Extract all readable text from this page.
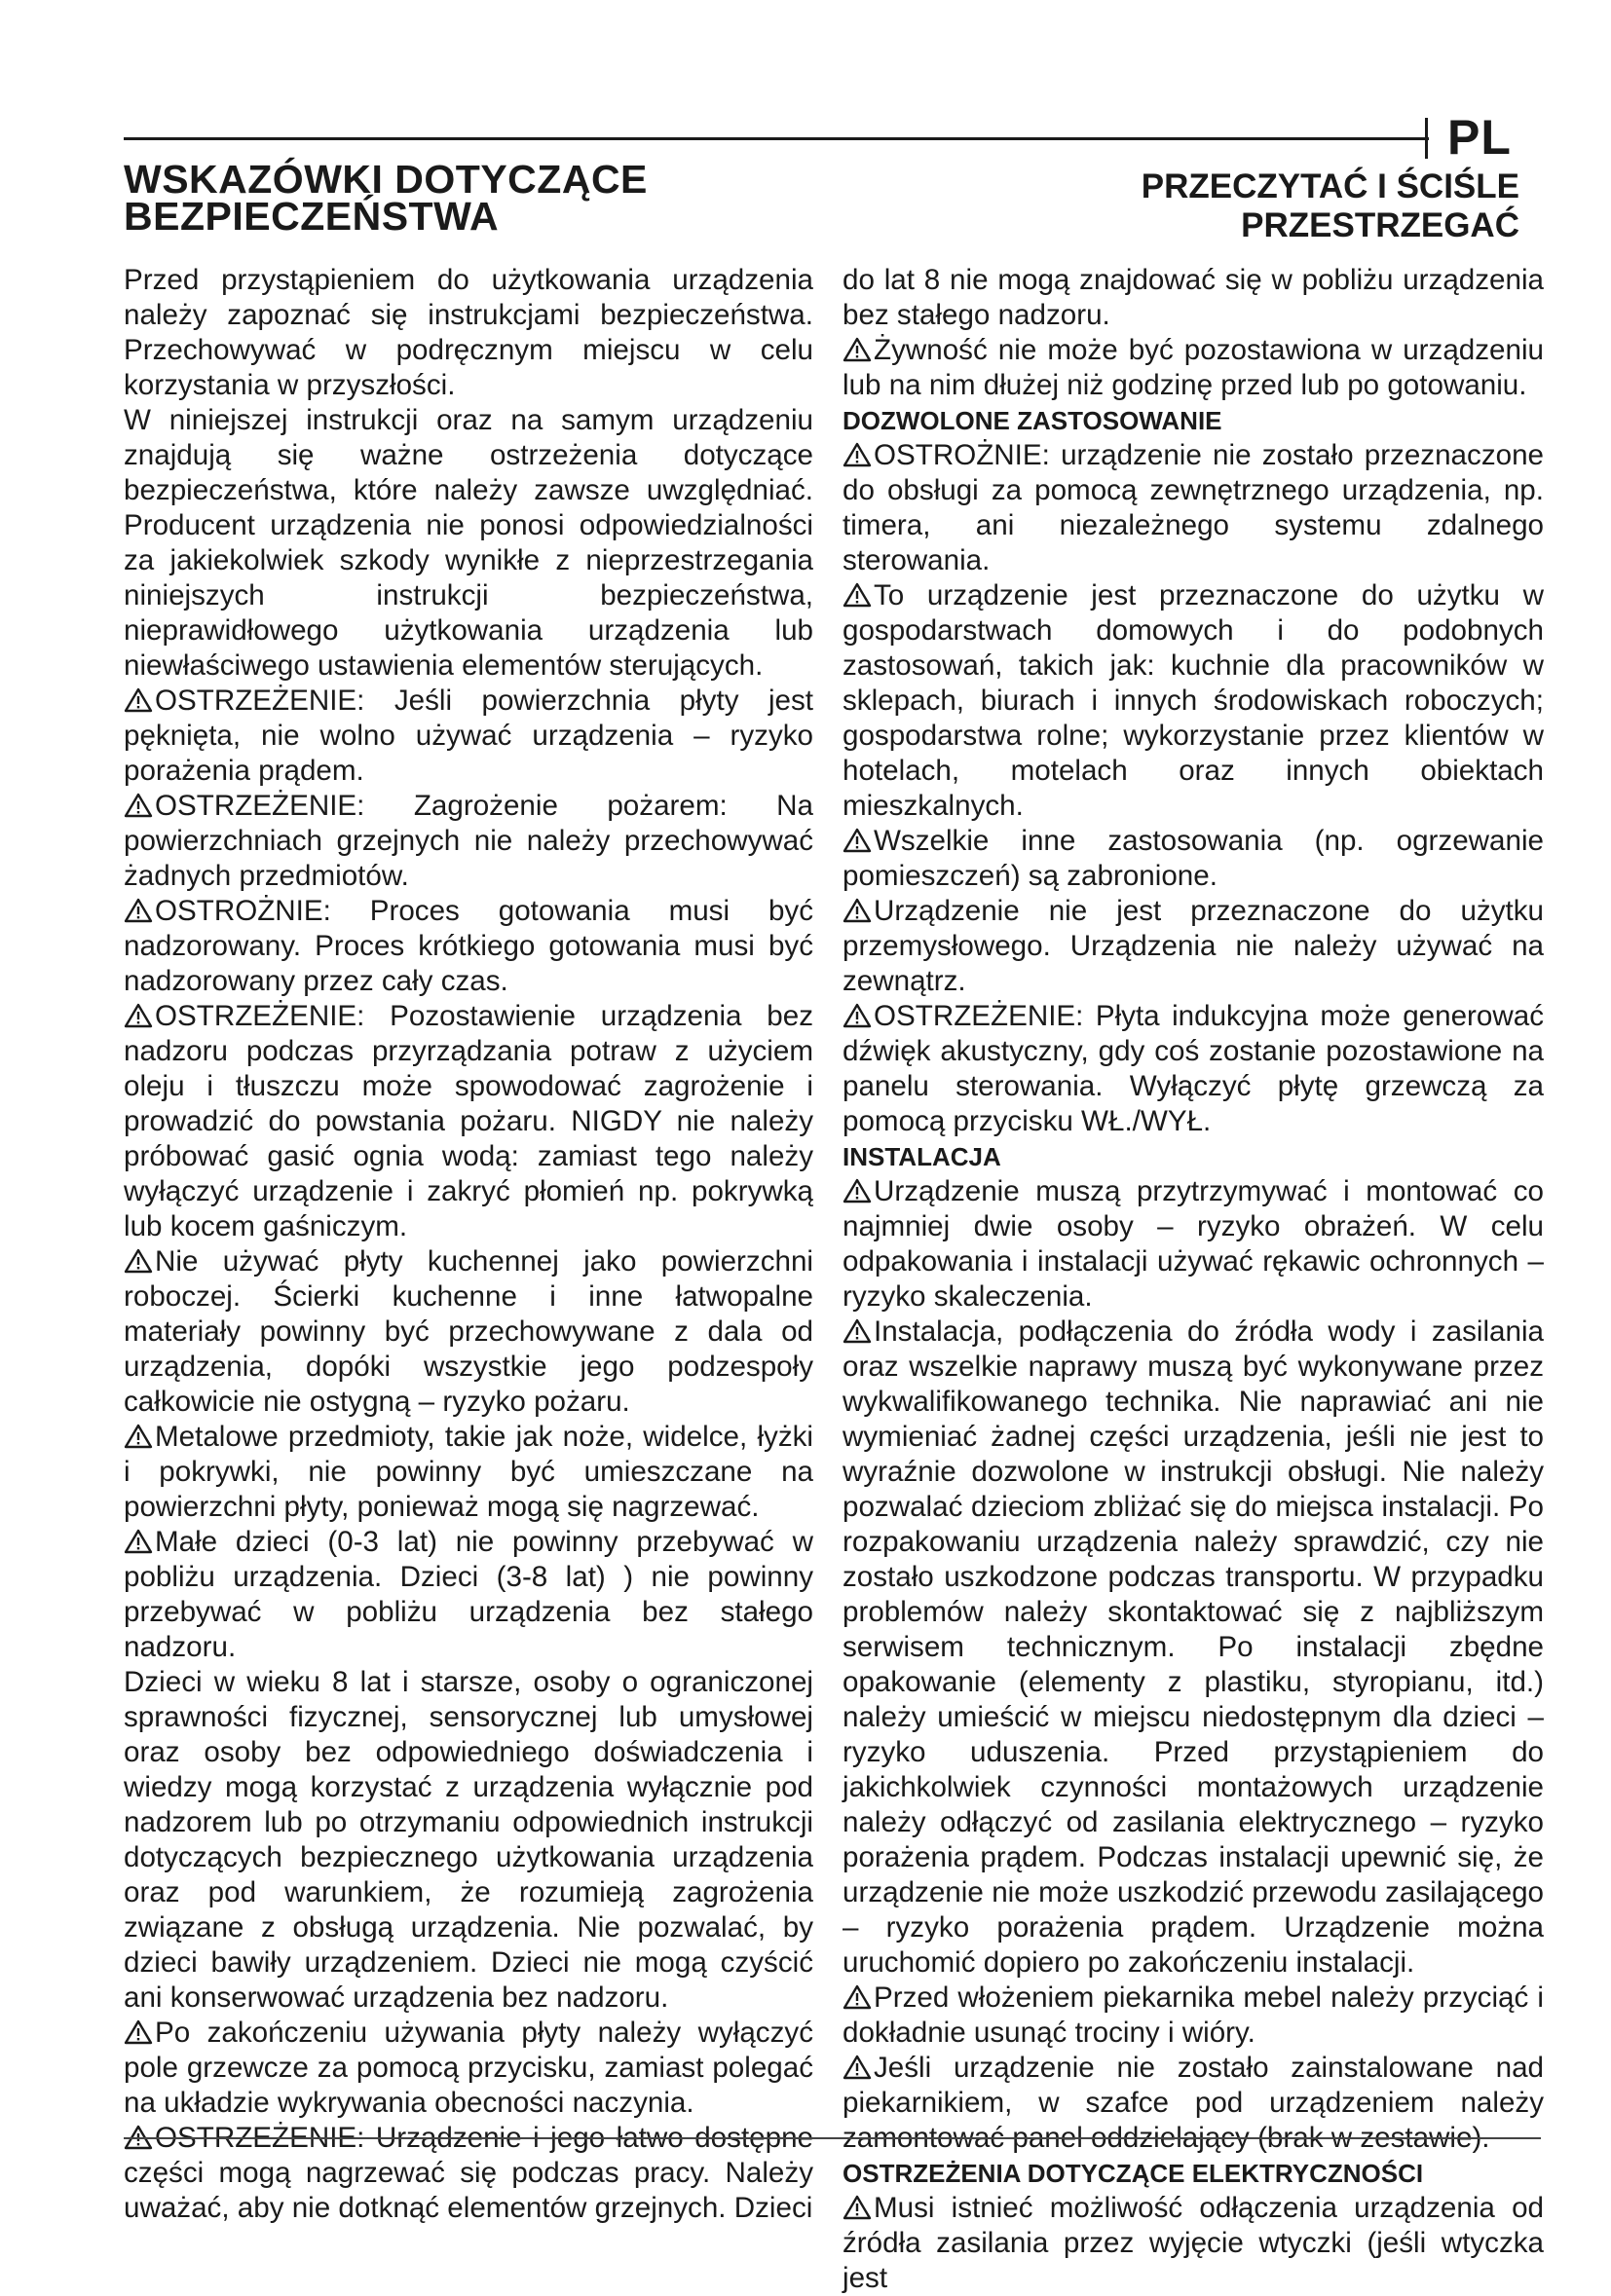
PL
WSKAZÓWKI DOTYCZĄCE
BEZPIECZEŃSTWA
PRZECZYTAĆ I ŚCIŚLE PRZESTRZEGAĆ

Przed przystąpieniem do użytkowania urządzenia należy zapoznać się instrukcjami bezpieczeństwa. Przechowywać w podręcznym miejscu w celu korzystania w przyszłości.

W niniejszej instrukcji oraz na samym urządzeniu znajdują się ważne ostrzeżenia dotyczące bezpieczeństwa, które należy zawsze uwzględniać. Producent urządzenia nie ponosi odpowiedzialności za jakiekolwiek szkody wynikłe z nieprzestrzegania niniejszych instrukcji bezpieczeństwa, nieprawidłowego użytkowania urządzenia lub niewłaściwego ustawienia elementów sterujących.

OSTRZEŻENIE: Jeśli powierzchnia płyty jest pęknięta, nie wolno używać urządzenia – ryzyko porażenia prądem.

OSTRZEŻENIE: Zagrożenie pożarem: Na powierzchniach grzejnych nie należy przechowywać żadnych przedmiotów.

OSTROŻNIE: Proces gotowania musi być nadzorowany. Proces krótkiego gotowania musi być nadzorowany przez cały czas.

OSTRZEŻENIE: Pozostawienie urządzenia bez nadzoru podczas przyrządzania potraw z użyciem oleju i tłuszczu może spowodować zagrożenie i prowadzić do powstania pożaru. NIGDY nie należy próbować gasić ognia wodą: zamiast tego należy wyłączyć urządzenie i zakryć płomień np. pokrywką lub kocem gaśniczym.

Nie używać płyty kuchennej jako powierzchni roboczej. Ścierki kuchenne i inne łatwopalne materiały powinny być przechowywane z dala od urządzenia, dopóki wszystkie jego podzespoły całkowicie nie ostygną – ryzyko pożaru.

Metalowe przedmioty, takie jak noże, widelce, łyżki i pokrywki, nie powinny być umieszczane na powierzchni płyty, ponieważ mogą się nagrzewać.

Małe dzieci (0-3 lat) nie powinny przebywać w pobliżu urządzenia. Dzieci (3-8 lat) ) nie powinny przebywać w pobliżu urządzenia bez stałego nadzoru.

Dzieci w wieku 8 lat i starsze, osoby o ograniczonej sprawności fizycznej, sensorycznej lub umysłowej oraz osoby bez odpowiedniego doświadczenia i wiedzy mogą korzystać z urządzenia wyłącznie pod nadzorem lub po otrzymaniu odpowiednich instrukcji dotyczących bezpiecznego użytkowania urządzenia oraz pod warunkiem, że rozumieją zagrożenia związane z obsługą urządzenia. Nie pozwalać, by dzieci bawiły urządzeniem. Dzieci nie mogą czyścić ani konserwować urządzenia bez nadzoru.

Po zakończeniu używania płyty należy wyłączyć pole grzewcze za pomocą przycisku, zamiast polegać na układzie wykrywania obecności naczynia.

OSTRZEŻENIE: Urządzenie i jego łatwo dostępne części mogą nagrzewać się podczas pracy. Należy uważać, aby nie dotknąć elementów grzejnych. Dzieci

do lat 8 nie mogą znajdować się w pobliżu urządzenia bez stałego nadzoru.

Żywność nie może być pozostawiona w urządzeniu lub na nim dłużej niż godzinę przed lub po gotowaniu.

DOZWOLONE ZASTOSOWANIE

OSTROŻNIE: urządzenie nie zostało przeznaczone do obsługi za pomocą zewnętrznego urządzenia, np. timera, ani niezależnego systemu zdalnego sterowania.

To urządzenie jest przeznaczone do użytku w gospodarstwach domowych i do podobnych zastosowań, takich jak: kuchnie dla pracowników w sklepach, biurach i innych środowiskach roboczych; gospodarstwa rolne; wykorzystanie przez klientów w hotelach, motelach oraz innych obiektach mieszkalnych.

Wszelkie inne zastosowania (np. ogrzewanie pomieszczeń) są zabronione.

Urządzenie nie jest przeznaczone do użytku przemysłowego. Urządzenia nie należy używać na zewnątrz.

OSTRZEŻENIE: Płyta indukcyjna może generować dźwięk akustyczny, gdy coś zostanie pozostawione na panelu sterowania. Wyłączyć płytę grzewczą za pomocą przycisku WŁ./WYŁ.

INSTALACJA

Urządzenie muszą przytrzymywać i montować co najmniej dwie osoby – ryzyko obrażeń. W celu odpakowania i instalacji używać rękawic ochronnych – ryzyko skaleczenia.

Instalacja, podłączenia do źródła wody i zasilania oraz wszelkie naprawy muszą być wykonywane przez wykwalifikowanego technika. Nie naprawiać ani nie wymieniać żadnej części urządzenia, jeśli nie jest to wyraźnie dozwolone w instrukcji obsługi. Nie należy pozwalać dzieciom zbliżać się do miejsca instalacji. Po rozpakowaniu urządzenia należy sprawdzić, czy nie zostało uszkodzone podczas transportu. W przypadku problemów należy skontaktować się z najbliższym serwisem technicznym. Po instalacji zbędne opakowanie (elementy z plastiku, styropianu, itd.) należy umieścić w miejscu niedostępnym dla dzieci – ryzyko uduszenia. Przed przystąpieniem do jakichkolwiek czynności montażowych urządzenie należy odłączyć od zasilania elektrycznego – ryzyko porażenia prądem. Podczas instalacji upewnić się, że urządzenie nie może uszkodzić przewodu zasilającego – ryzyko porażenia prądem. Urządzenie można uruchomić dopiero po zakończeniu instalacji.

Przed włożeniem piekarnika mebel należy przyciąć i dokładnie usunąć trociny i wióry.

Jeśli urządzenie nie zostało zainstalowane nad piekarnikiem, w szafce pod urządzeniem należy zamontować panel oddzielający (brak w zestawie).

OSTRZEŻENIA DOTYCZĄCE ELEKTRYCZNOŚCI

Musi istnieć możliwość odłączenia urządzenia od źródła zasilania przez wyjęcie wtyczki (jeśli wtyczka jest
